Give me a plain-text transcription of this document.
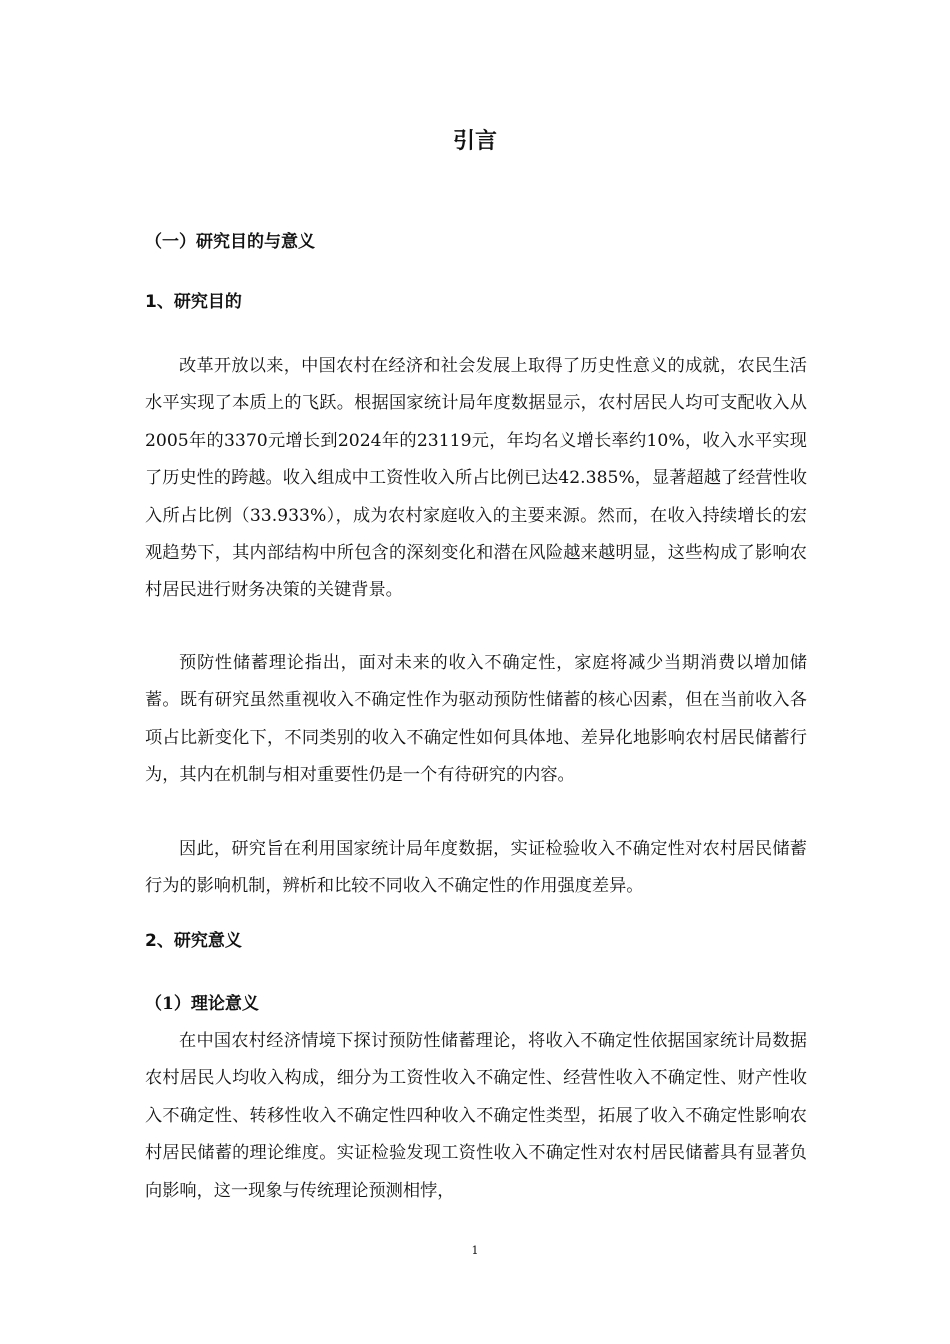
引言
（一）研究目的与意义
1、研究目的

改革开放以来，中国农村在经济和社会发展上取得了历史性意义的成就，农民生活水平实现了本质上的飞跃。根据国家统计局年度数据显示，农村居民人均可支配收入从2005年的3370元增长到2024年的23119元，年均名义增长率约10%，收入水平实现了历史性的跨越。收入组成中工资性收入所占比例已达42.385%，显著超越了经营性收入所占比例（33.933%），成为农村家庭收入的主要来源。然而，在收入持续增长的宏观趋势下，其内部结构中所包含的深刻变化和潜在风险越来越明显，这些构成了影响农村居民进行财务决策的关键背景。

预防性储蓄理论指出，面对未来的收入不确定性，家庭将减少当期消费以增加储蓄。既有研究虽然重视收入不确定性作为驱动预防性储蓄的核心因素，但在当前收入各项占比新变化下，不同类别的收入不确定性如何具体地、差异化地影响农村居民储蓄行为，其内在机制与相对重要性仍是一个有待研究的内容。

因此，研究旨在利用国家统计局年度数据，实证检验收入不确定性对农村居民储蓄行为的影响机制，辨析和比较不同收入不确定性的作用强度差异。

2、研究意义
（1）理论意义

在中国农村经济情境下探讨预防性储蓄理论，将收入不确定性依据国家统计局数据农村居民人均收入构成，细分为工资性收入不确定性、经营性收入不确定性、财产性收入不确定性、转移性收入不确定性四种收入不确定性类型，拓展了收入不确定性影响农村居民储蓄的理论维度。实证检验发现工资性收入不确定性对农村居民储蓄具有显著负向影响，这一现象与传统理论预测相悖，

1
